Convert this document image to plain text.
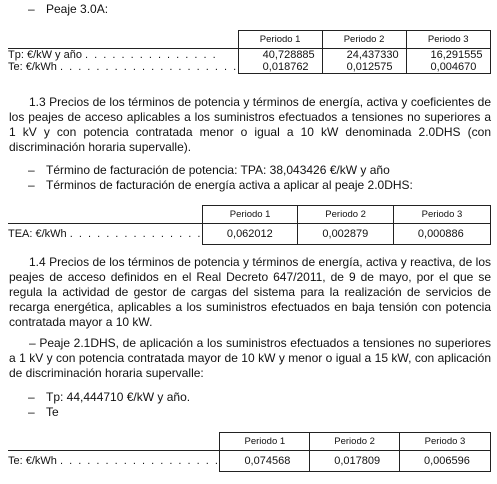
– Peaje 3.0A:
	Periodo 1	Periodo 2	Periodo 3
Tp: €/kW y año . . . . . . . . . . . . . . .	40,728885	24,437330	16,291555
Te: €/kWh . . . . . . . . . . . . . . . . . . . .	0,018762	0,012575	0,004670
1.3 Precios de los términos de potencia y términos de energía, activa y coeficientes de los peajes de acceso aplicables a los suministros efectuados a tensiones no superiores a 1 kV y con potencia contratada menor o igual a 10 kW denominada 2.0DHS (con discriminación horaria supervalle).
– Término de facturación de potencia: TPA: 38,043426 €/kW y año
– Términos de facturación de energía activa a aplicar al peaje 2.0DHS:
	Periodo 1	Periodo 2	Periodo 3
TEA: €/kWh . . . . . . . . . . . . . . .	0,062012	0,002879	0,000886
1.4 Precios de los términos de potencia y términos de energía, activa y reactiva, de los peajes de acceso definidos en el Real Decreto 647/2011, de 9 de mayo, por el que se regula la actividad de gestor de cargas del sistema para la realización de servicios de recarga energética, aplicables a los suministros efectuados en baja tensión con potencia contratada mayor a 10 kW.
– Peaje 2.1DHS, de aplicación a los suministros efectuados a tensiones no superiores a 1 kV y con potencia contratada mayor de 10 kW y menor o igual a 15 kW, con aplicación de discriminación horaria supervalle:
– Tp: 44,444710 €/kW y año.
– Te
	Periodo 1	Periodo 2	Periodo 3
Te: €/kWh . . . . . . . . . . . . . . . . . .	0,074568	0,017809	0,006596
